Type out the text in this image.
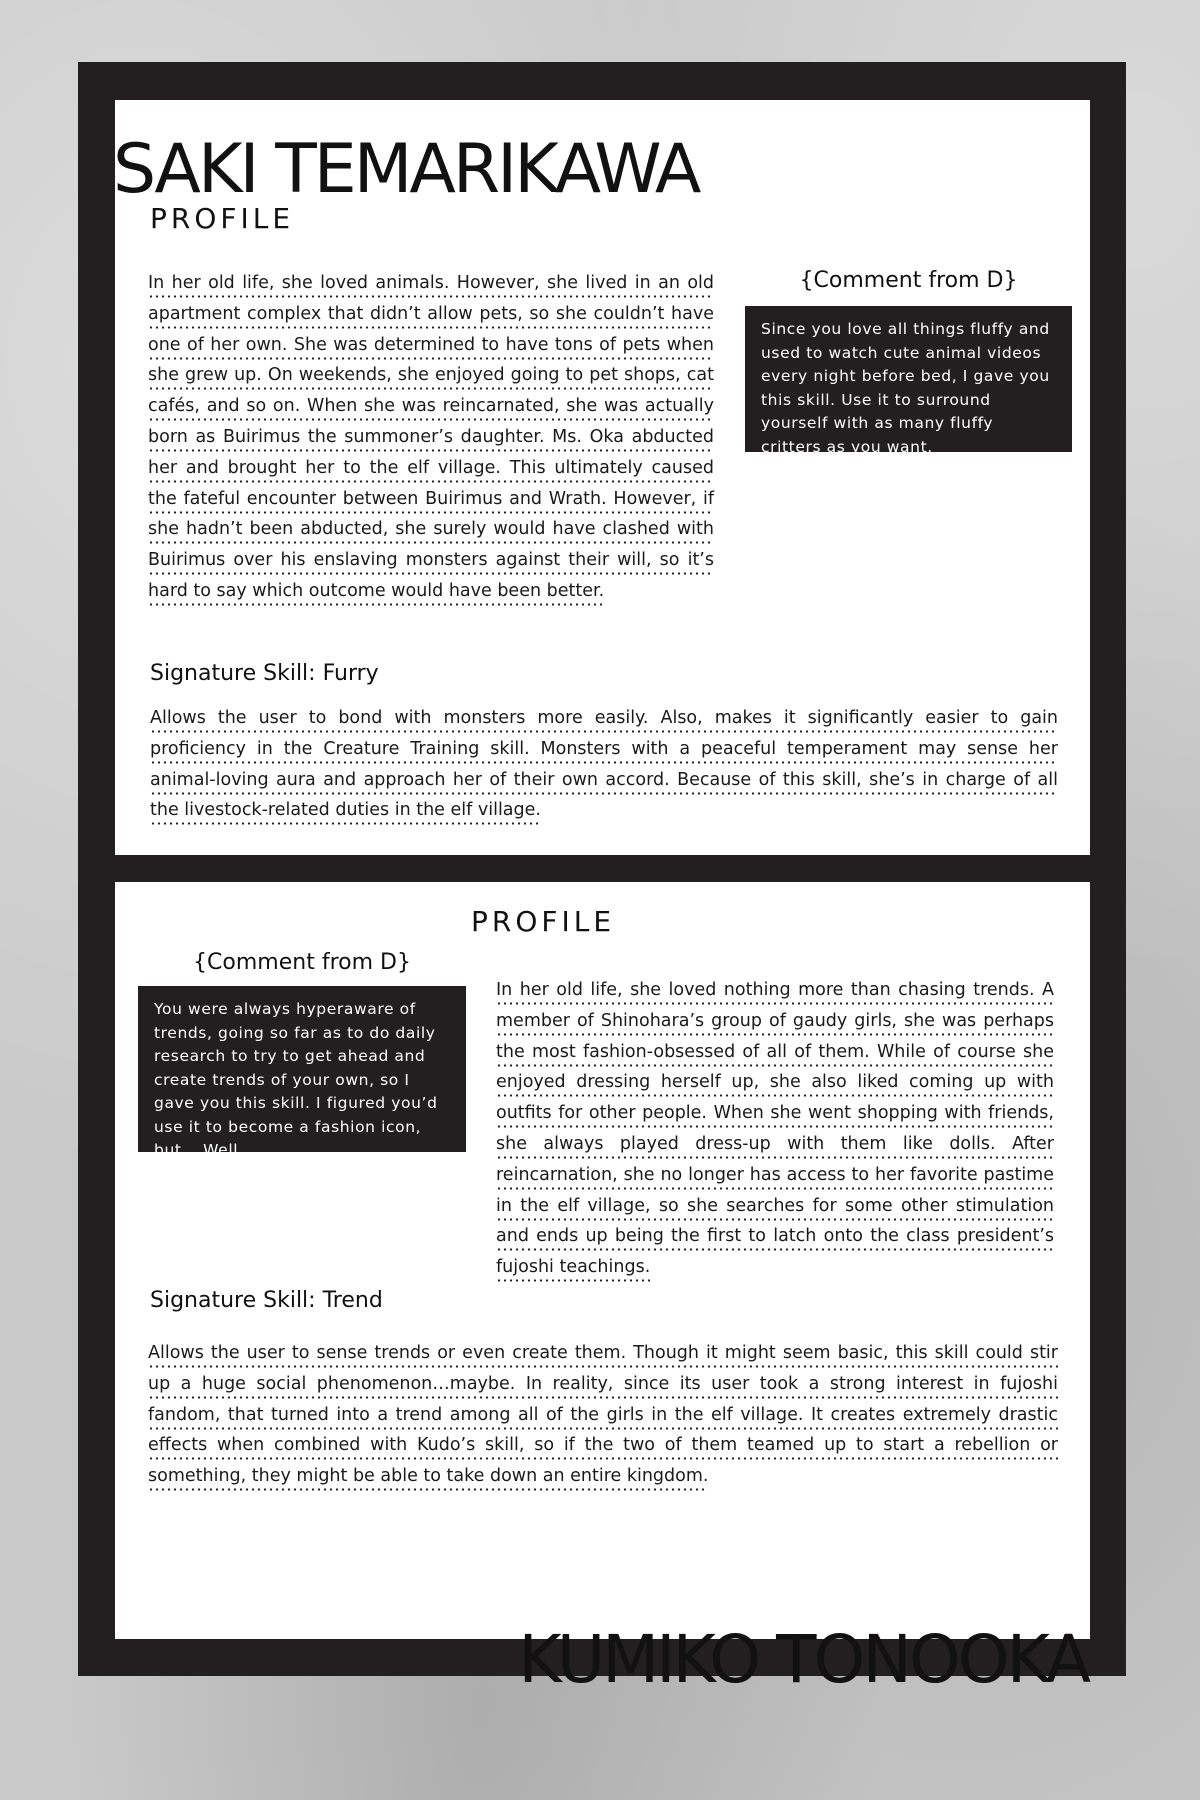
SAKI TEMARIKAWA
PROFILE

In her old life, she loved animals. However, she lived in an old apartment complex that didn’t allow pets, so she couldn’t have one of her own. She was determined to have tons of pets when she grew up. On weekends, she enjoyed going to pet shops, cat cafés, and so on. When she was reincarnated, she was actually born as Buirimus the summoner’s daughter. Ms. Oka abducted her and brought her to the elf village. This ultimately caused the fateful encounter between Buirimus and Wrath. However, if she hadn’t been abducted, she surely would have clashed with Buirimus over his enslaving monsters against their will, so it’s hard to say which outcome would have been better.

{Comment from D}
Since you love all things fluffy and used to watch cute animal videos every night before bed, I gave you this skill. Use it to surround yourself with as many fluffy critters as you want.
Signature Skill: Furry

Allows the user to bond with monsters more easily. Also, makes it significantly easier to gain proficiency in the Creature Training skill. Monsters with a peaceful temperament may sense her animal-loving aura and approach her of their own accord. Because of this skill, she’s in charge of all the livestock-related duties in the elf village.

PROFILE
{Comment from D}
You were always hyperaware of trends, going so far as to do daily research to try to get ahead and create trends of your own, so I gave you this skill. I figured you’d use it to become a fashion icon, but… Well…

In her old life, she loved nothing more than chasing trends. A member of Shinohara’s group of gaudy girls, she was perhaps the most fashion-obsessed of all of them. While of course she enjoyed dressing herself up, she also liked coming up with outfits for other people. When she went shopping with friends, she always played dress-up with them like dolls. After reincarnation, she no longer has access to her favorite pastime in the elf village, so she searches for some other stimulation and ends up being the first to latch onto the class president’s fujoshi teachings.

Signature Skill: Trend

Allows the user to sense trends or even create them. Though it might seem basic, this skill could stir up a huge social phenomenon…maybe. In reality, since its user took a strong interest in fujoshi fandom, that turned into a trend among all of the girls in the elf village. It creates extremely drastic effects when combined with Kudo’s skill, so if the two of them teamed up to start a rebellion or something, they might be able to take down an entire kingdom.

KUMIKO TONOOKA
